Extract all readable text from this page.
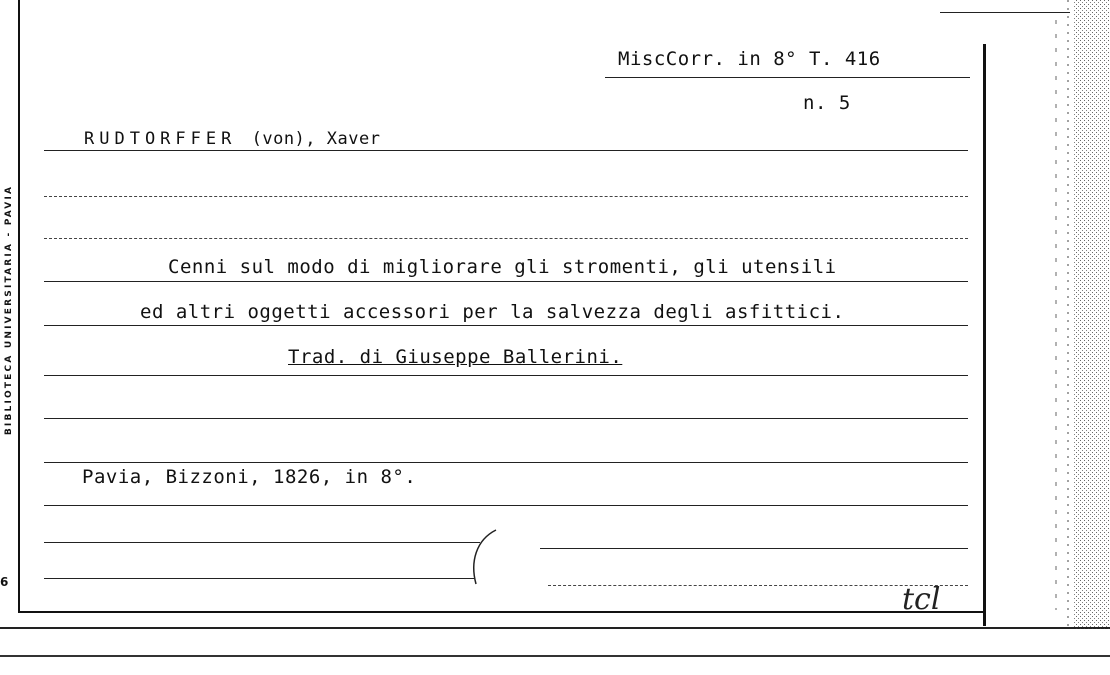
BIBLIOTECA UNIVERSITARIA - PAVIA
6
MiscCorr. in 8° T. 416
n. 5
RUDTORFFER (von), Xaver
Cenni sul modo di migliorare gli stromenti, gli utensili
ed altri oggetti accessori per la salvezza degli asfittici.
Trad. di Giuseppe Ballerini.
Pavia, Bizzoni, 1826, in 8°.
tcl
